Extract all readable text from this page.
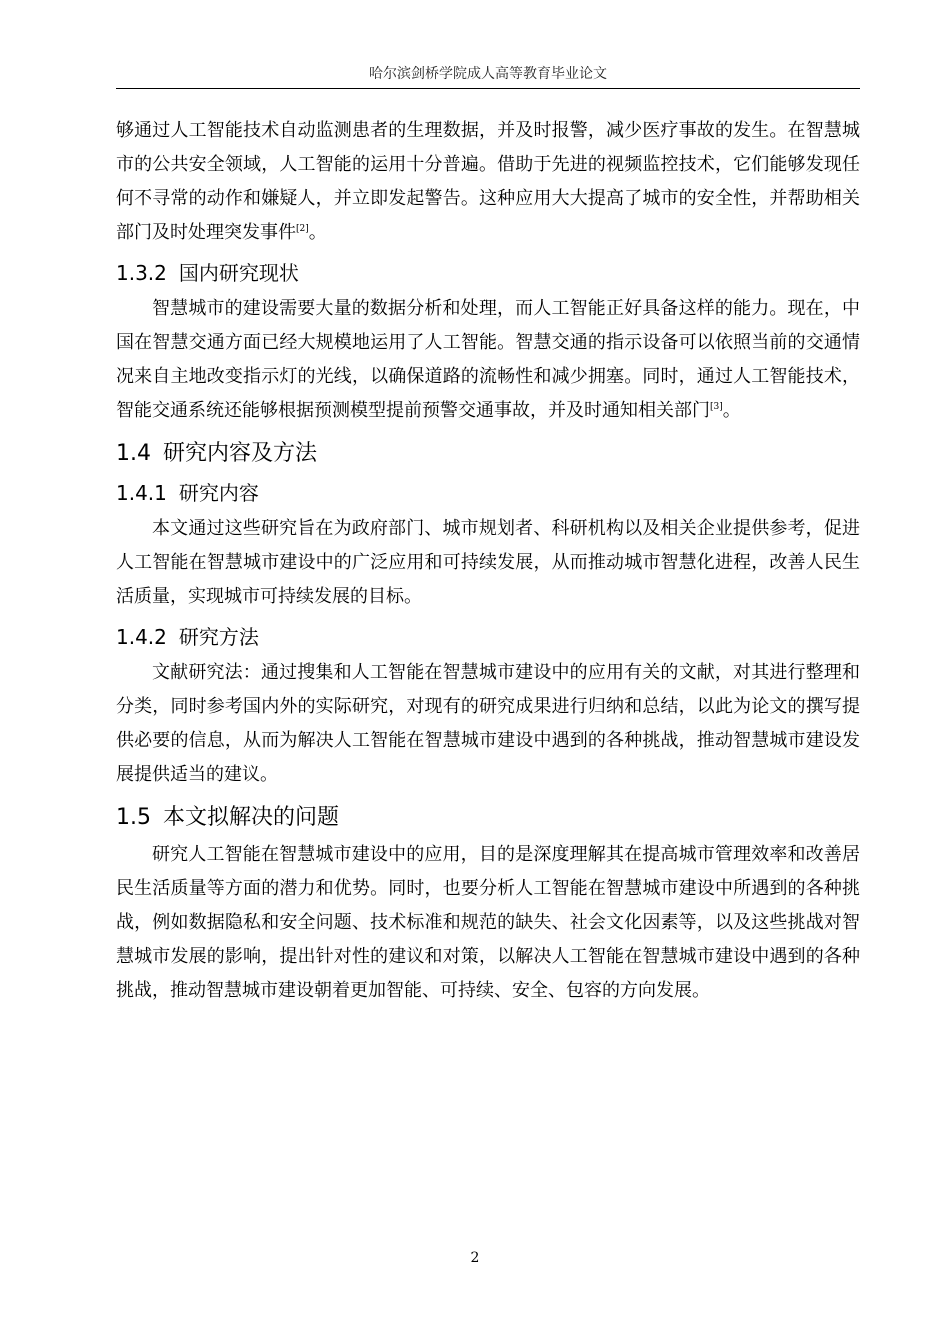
哈尔滨剑桥学院成人高等教育毕业论文

够通过人工智能技术自动监测患者的生理数据，并及时报警，减少医疗事故的发生。在智慧城市的公共安全领域，人工智能的运用十分普遍。借助于先进的视频监控技术，它们能够发现任何不寻常的动作和嫌疑人，并立即发起警告。这种应用大大提高了城市的安全性，并帮助相关部门及时处理突发事件[2]。

1.3.2 国内研究现状

智慧城市的建设需要大量的数据分析和处理，而人工智能正好具备这样的能力。现在，中国在智慧交通方面已经大规模地运用了人工智能。智慧交通的指示设备可以依照当前的交通情况来自主地改变指示灯的光线，以确保道路的流畅性和减少拥塞。同时，通过人工智能技术，智能交通系统还能够根据预测模型提前预警交通事故，并及时通知相关部门[3]。

1.4 研究内容及方法
1.4.1 研究内容

本文通过这些研究旨在为政府部门、城市规划者、科研机构以及相关企业提供参考，促进人工智能在智慧城市建设中的广泛应用和可持续发展，从而推动城市智慧化进程，改善人民生活质量，实现城市可持续发展的目标。

1.4.2 研究方法

文献研究法：通过搜集和人工智能在智慧城市建设中的应用有关的文献，对其进行整理和分类，同时参考国内外的实际研究，对现有的研究成果进行归纳和总结，以此为论文的撰写提供必要的信息，从而为解决人工智能在智慧城市建设中遇到的各种挑战，推动智慧城市建设发展提供适当的建议。

1.5 本文拟解决的问题

研究人工智能在智慧城市建设中的应用，目的是深度理解其在提高城市管理效率和改善居民生活质量等方面的潜力和优势。同时，也要分析人工智能在智慧城市建设中所遇到的各种挑战，例如数据隐私和安全问题、技术标准和规范的缺失、社会文化因素等，以及这些挑战对智慧城市发展的影响，提出针对性的建议和对策，以解决人工智能在智慧城市建设中遇到的各种挑战，推动智慧城市建设朝着更加智能、可持续、安全、包容的方向发展。

2
